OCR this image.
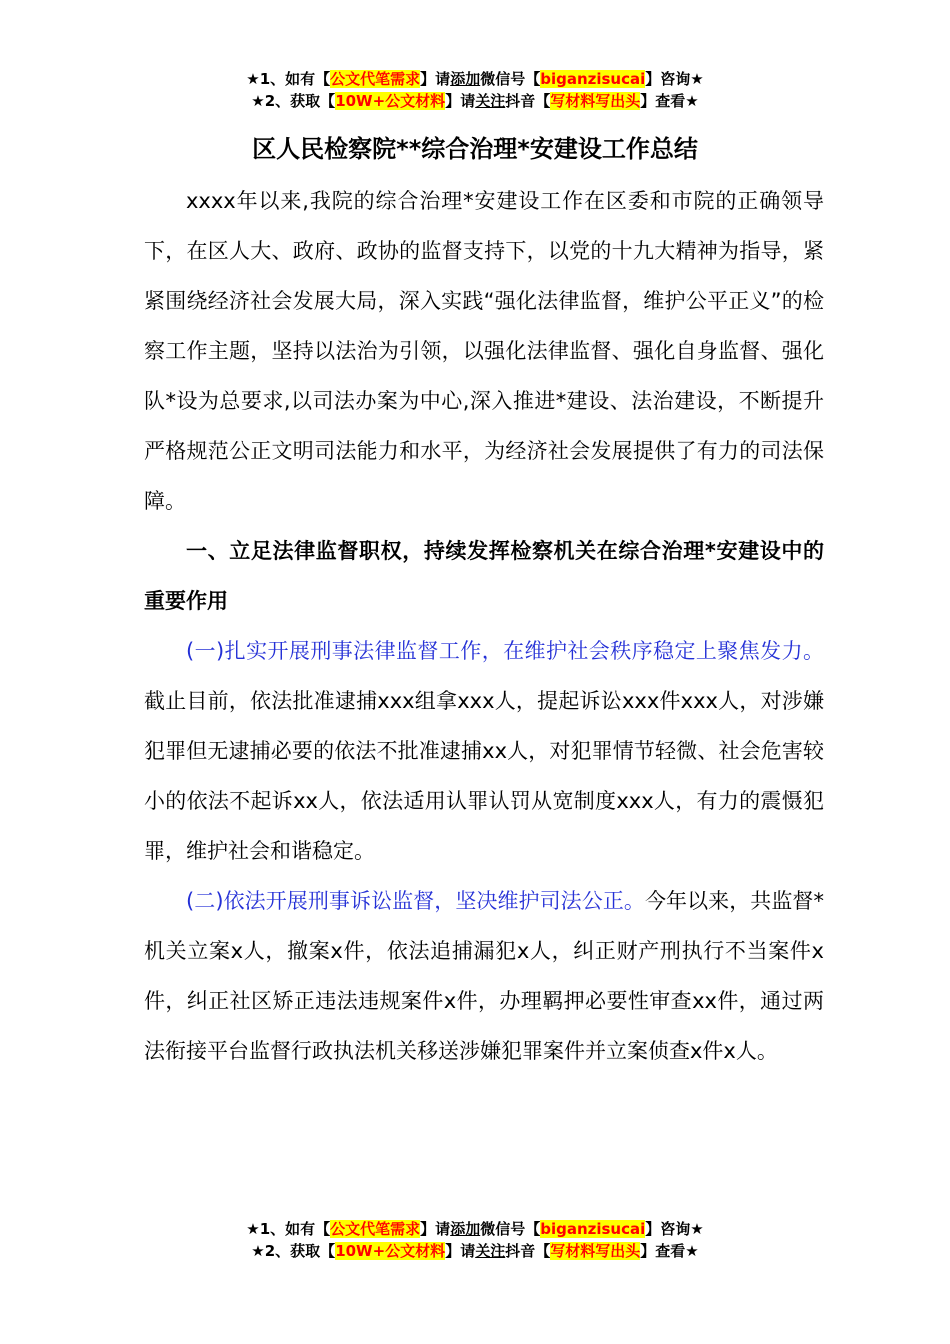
★1、如有【公文代笔需求】请添加微信号【biganzisucai】咨询★
★2、获取【10W+公文材料】请关注抖音【写材料写出头】查看★
区人民检察院**综合治理*安建设工作总结

xxxx年以来,我院的综合治理*安建设工作在区委和市院的正确领导下，在区人大、政府、政协的监督支持下，以党的十九大精神为指导，紧紧围绕经济社会发展大局，深入实践“强化法律监督，维护公平正义”的检察工作主题，坚持以法治为引领，以强化法律监督、强化自身监督、强化队*设为总要求,以司法办案为中心,深入推进*建设、法治建设，不断提升严格规范公正文明司法能力和水平，为经济社会发展提供了有力的司法保障。

一、立足法律监督职权，持续发挥检察机关在综合治理*安建设中的重要作用

(一)扎实开展刑事法律监督工作，在维护社会秩序稳定上聚焦发力。截止目前，依法批准逮捕xxx组拿xxx人，提起诉讼xxx件xxx人，对涉嫌犯罪但无逮捕必要的依法不批准逮捕xx人，对犯罪情节轻微、社会危害较小的依法不起诉xx人，依法适用认罪认罚从宽制度xxx人，有力的震慑犯罪，维护社会和谐稳定。

(二)依法开展刑事诉讼监督，坚决维护司法公正。今年以来，共监督*机关立案x人，撤案x件，依法追捕漏犯x人，纠正财产刑执行不当案件x件，纠正社区矫正违法违规案件x件，办理羁押必要性审查xx件，通过两法衔接平台监督行政执法机关移送涉嫌犯罪案件并立案侦查x件x人。

★1、如有【公文代笔需求】请添加微信号【biganzisucai】咨询★
★2、获取【10W+公文材料】请关注抖音【写材料写出头】查看★
